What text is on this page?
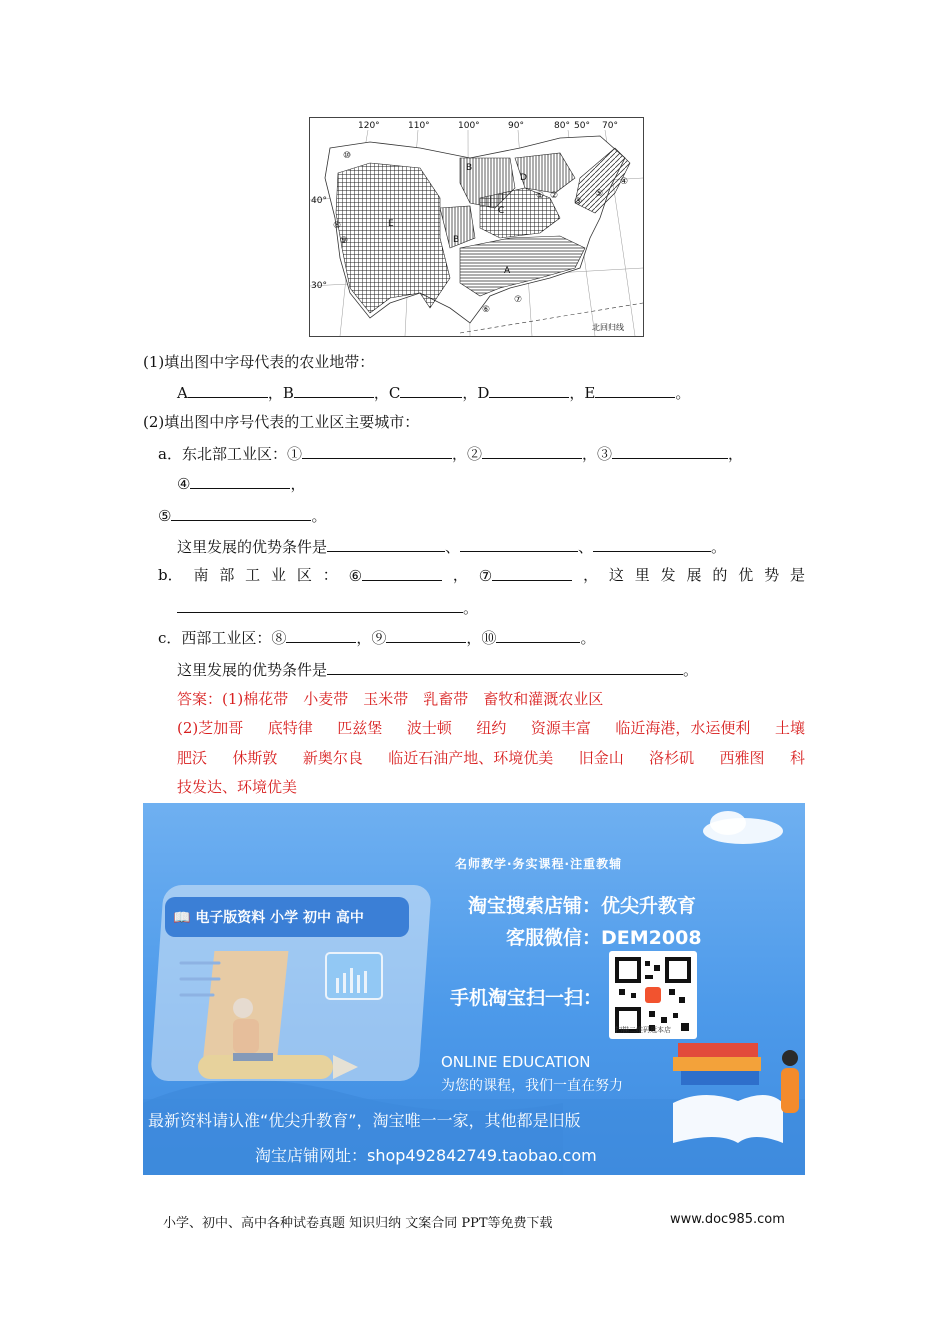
120°	110°	100°	90°	80° 50° 70°
40°
30°
北回归线
A
B
B
C
D
E
① ②
③
④
⑤
⑥
⑦
⑧
⑨
⑩
(1)填出图中字母代表的农业地带：
A	，B	，C	，D	，E	。
(2)填出图中序号代表的工业区主要城市：
a．东北部工业区：①	，②	，③	，
④	，
⑤	。
这里发展的优势条件是	、	、	。
b． 南 部 工 业 区 ： ⑥	， ⑦	， 这 里 发 展 的 优 势 是
。
c．西部工业区：⑧	，⑨	，⑩	。
这里发展的优势条件是	。
答案：(1)棉花带　小麦带　玉米带　乳畜带　畜牧和灌溉农业区
(2)芝加哥 底特律 匹兹堡 波士顿 纽约 资源丰富 临近海港，水运便利 土壤
肥沃 休斯敦 新奥尔良 临近石油产地、环境优美 旧金山 洛杉矶 西雅图 科
技发达、环境优美
📖 电子版资料 小学 初中 高中
名师教学·务实课程·注重教辅
淘宝搜索店铺：优尖升教育
客服微信：DEM2008
手机淘宝扫一扫：
扫描二维码逛本店
ONLINE EDUCATION
为您的课程，我们一直在努力
最新资料请认准“优尖升教育”，淘宝唯一一家，其他都是旧版
淘宝店铺网址：shop492842749.taobao.com
小学、初中、高中各种试卷真题 知识归纳 文案合同 PPT等免费下载	www.doc985.com
